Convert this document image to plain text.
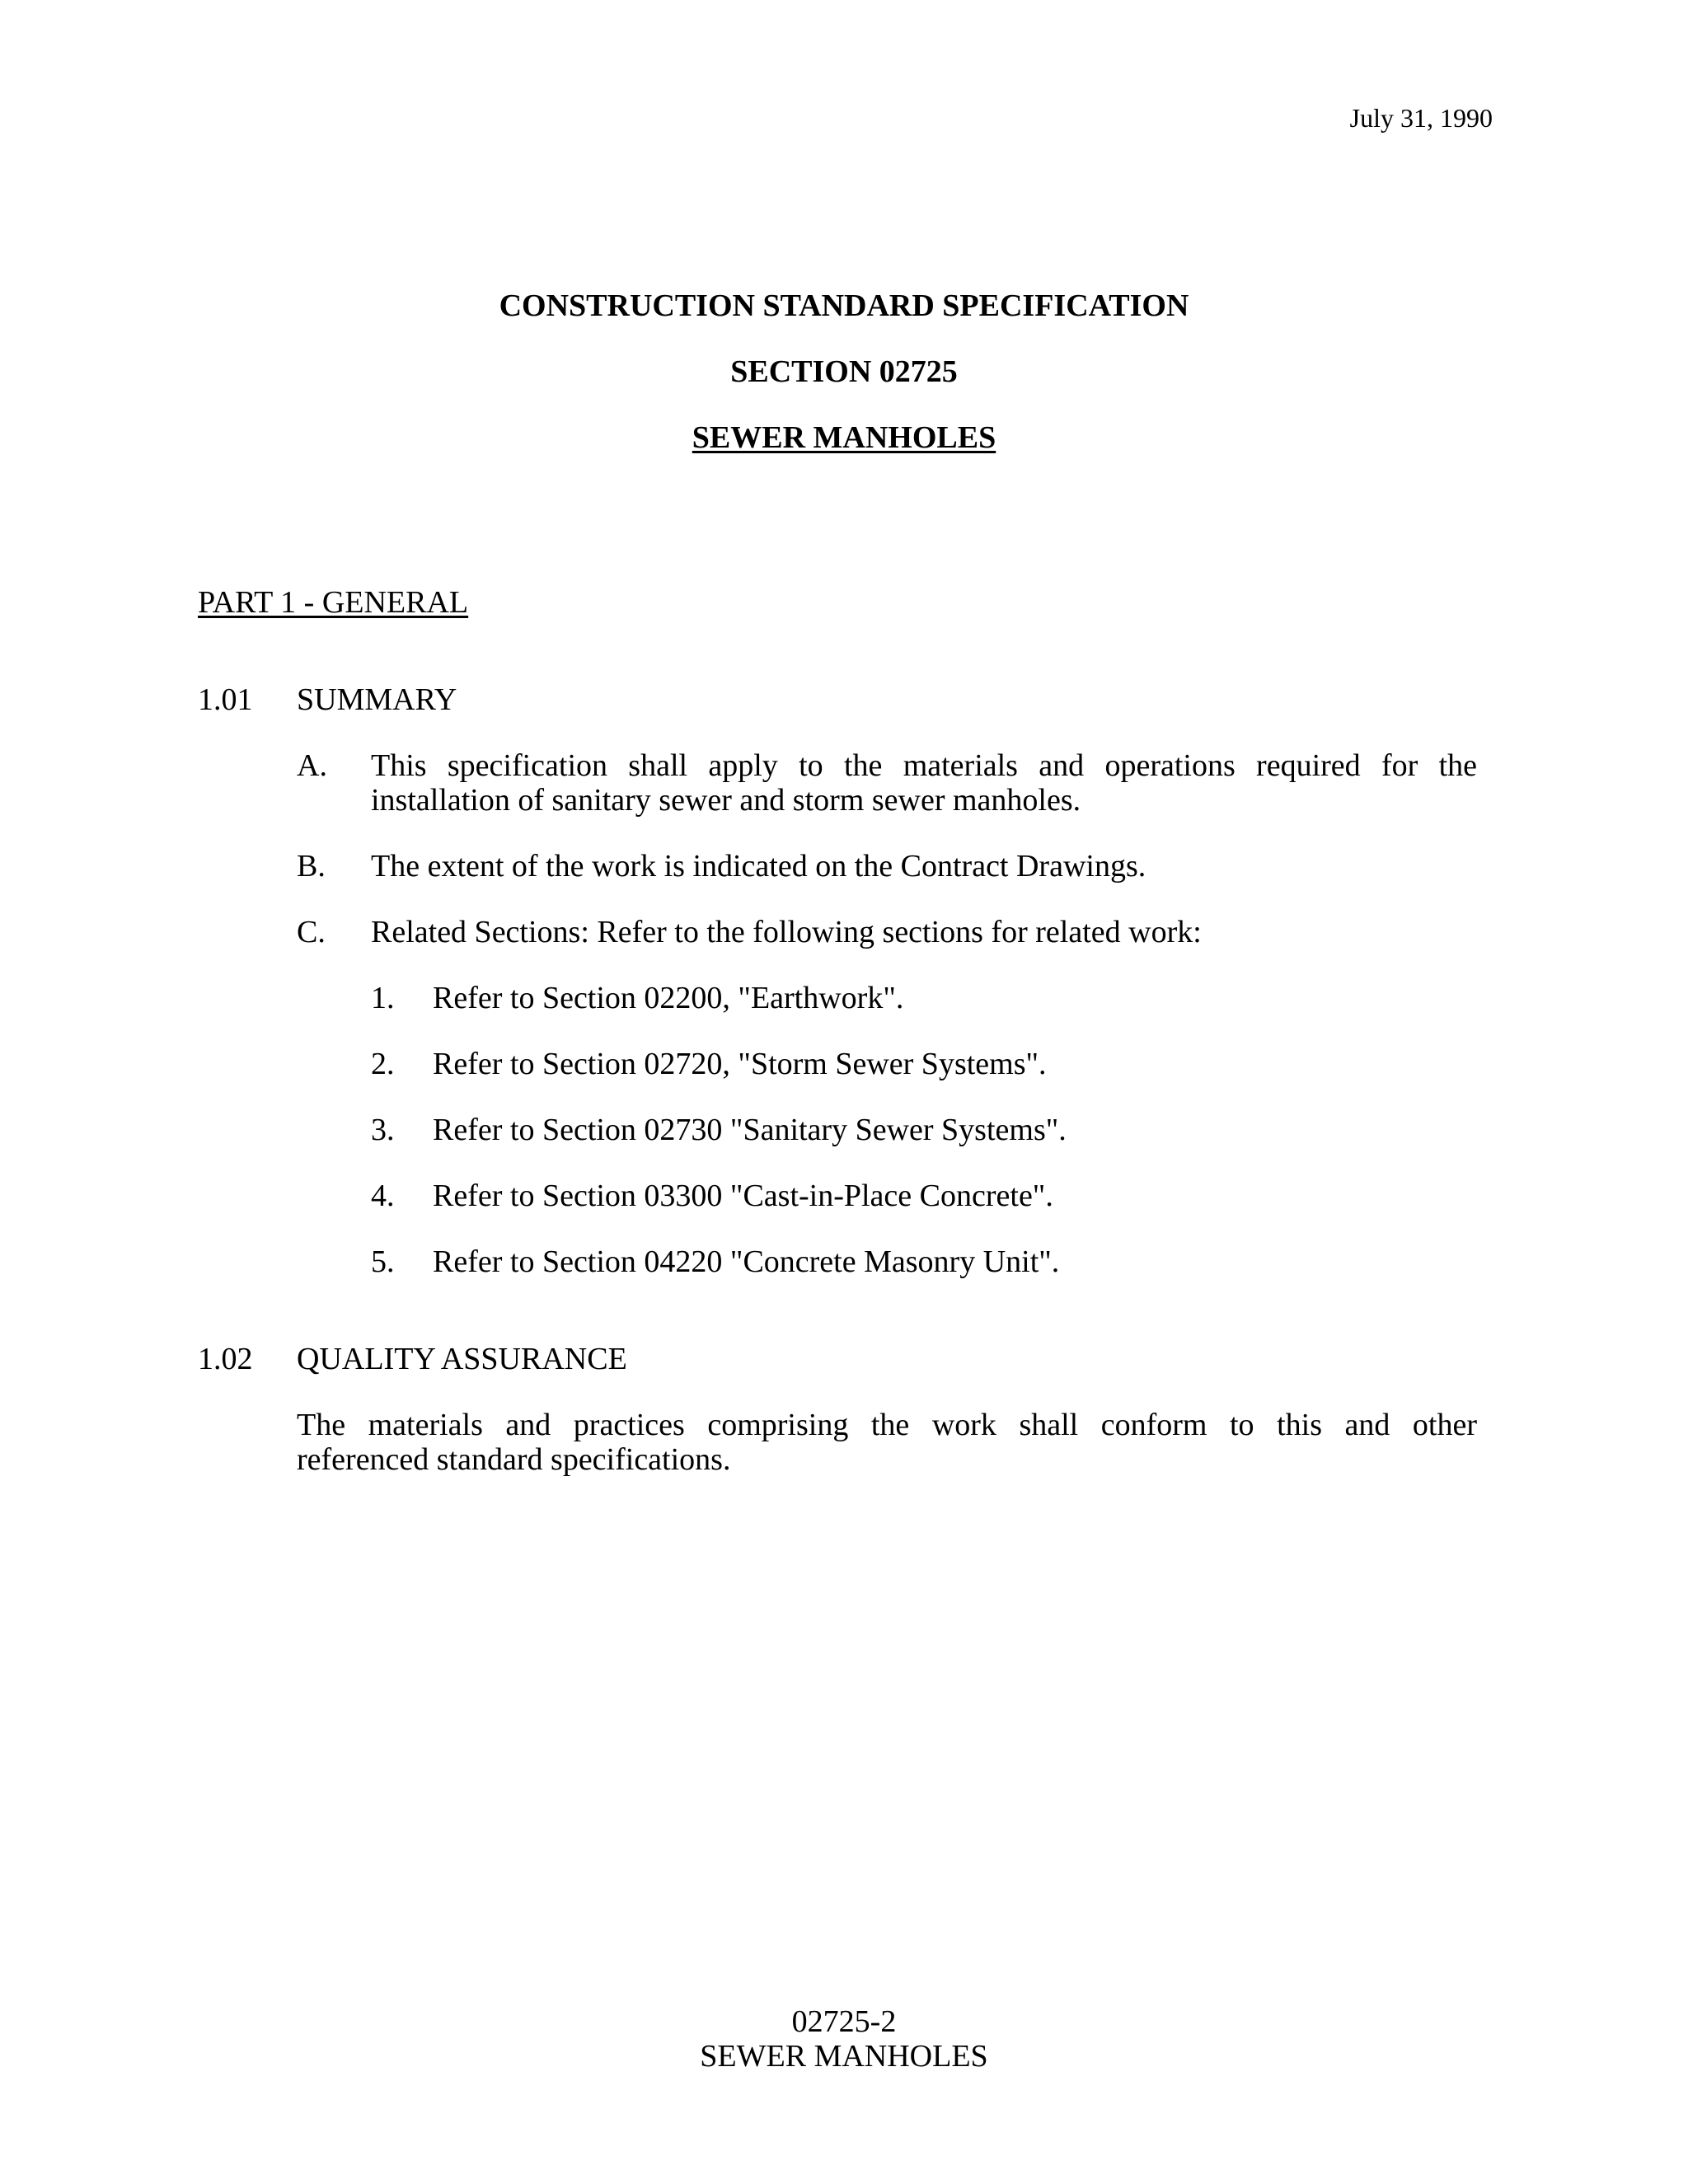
July 31, 1990
CONSTRUCTION STANDARD SPECIFICATION
SECTION 02725
SEWER MANHOLES
PART 1 - GENERAL
1.01 SUMMARY
A. This specification shall apply to the materials and operations required for the
installation of sanitary sewer and storm sewer manholes.
B. The extent of the work is indicated on the Contract Drawings.
C. Related Sections: Refer to the following sections for related work:
1. Refer to Section 02200, "Earthwork".
2. Refer to Section 02720, "Storm Sewer Systems".
3. Refer to Section 02730 "Sanitary Sewer Systems".
4. Refer to Section 03300 "Cast-in-Place Concrete".
5. Refer to Section 04220 "Concrete Masonry Unit".
1.02 QUALITY ASSURANCE
The materials and practices comprising the work shall conform to this and other
referenced standard specifications.
02725-2
SEWER MANHOLES
